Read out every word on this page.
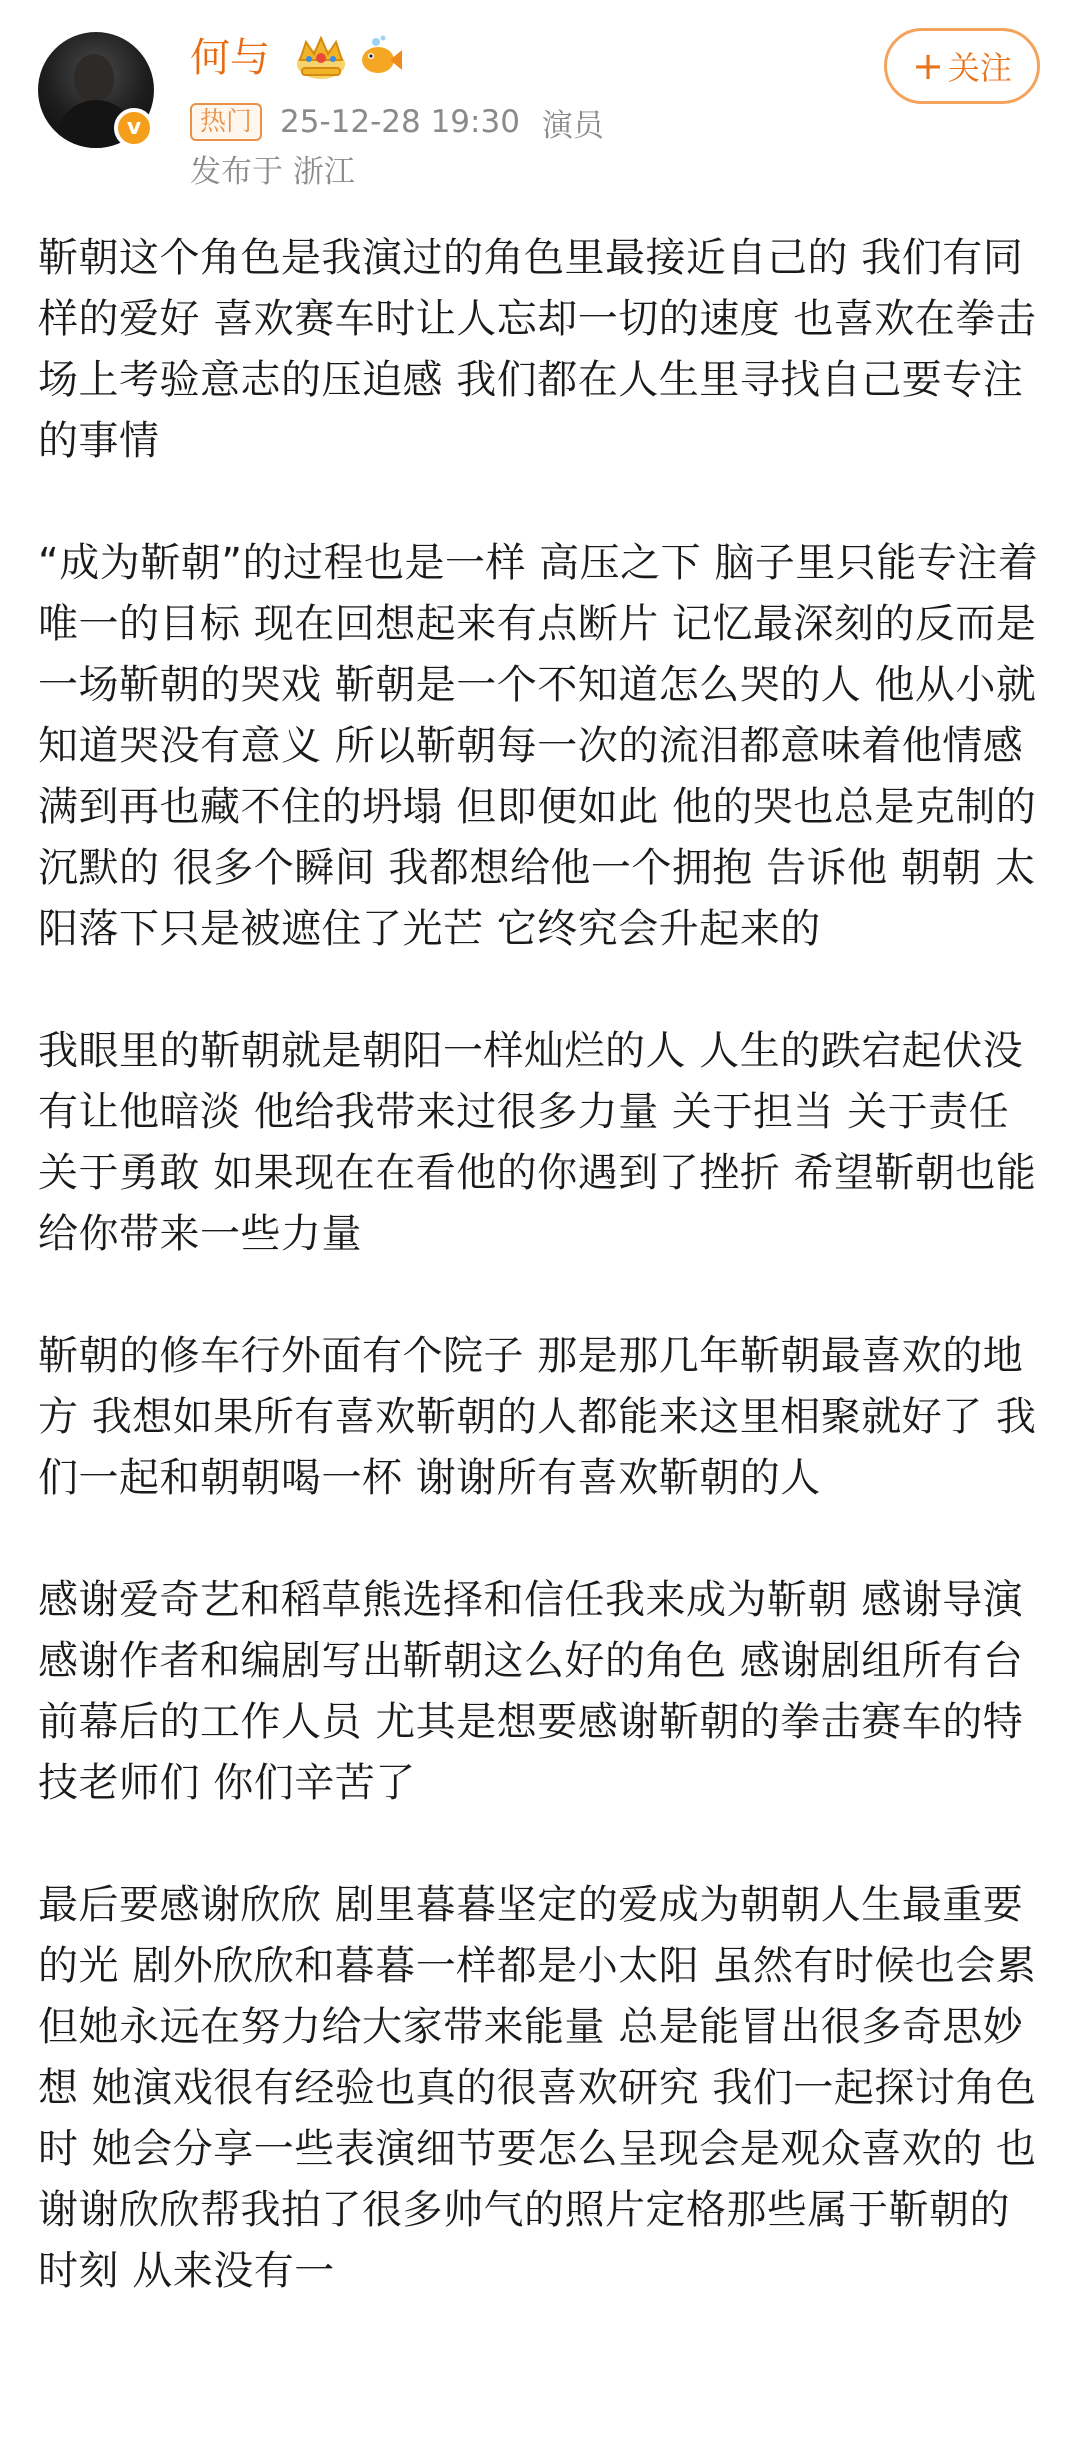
v
何与
热门 25-12-28 19:30 演员
发布于 浙江
+ 关注

靳朝这个角色是我演过的角色里最接近自己的 我们有同样的爱好 喜欢赛车时让人忘却一切的速度 也喜欢在拳击场上考验意志的压迫感 我们都在人生里寻找自己要专注的事情

“成为靳朝”的过程也是一样 高压之下 脑子里只能专注着唯一的目标 现在回想起来有点断片 记忆最深刻的反而是一场靳朝的哭戏 靳朝是一个不知道怎么哭的人 他从小就知道哭没有意义 所以靳朝每一次的流泪都意味着他情感满到再也藏不住的坍塌 但即便如此 他的哭也总是克制的 沉默的 很多个瞬间 我都想给他一个拥抱 告诉他 朝朝 太阳落下只是被遮住了光芒 它终究会升起来的

我眼里的靳朝就是朝阳一样灿烂的人 人生的跌宕起伏没有让他暗淡 他给我带来过很多力量 关于担当 关于责任 关于勇敢 如果现在在看他的你遇到了挫折 希望靳朝也能给你带来一些力量

靳朝的修车行外面有个院子 那是那几年靳朝最喜欢的地方 我想如果所有喜欢靳朝的人都能来这里相聚就好了 我们一起和朝朝喝一杯 谢谢所有喜欢靳朝的人

感谢爱奇艺和稻草熊选择和信任我来成为靳朝 感谢导演 感谢作者和编剧写出靳朝这么好的角色 感谢剧组所有台前幕后的工作人员 尤其是想要感谢靳朝的拳击赛车的特技老师们 你们辛苦了

最后要感谢欣欣 剧里暮暮坚定的爱成为朝朝人生最重要的光 剧外欣欣和暮暮一样都是小太阳 虽然有时候也会累 但她永远在努力给大家带来能量 总是能冒出很多奇思妙想 她演戏很有经验也真的很喜欢研究 我们一起探讨角色时 她会分享一些表演细节要怎么呈现会是观众喜欢的 也谢谢欣欣帮我拍了很多帅气的照片定格那些属于靳朝的时刻 从来没有一
